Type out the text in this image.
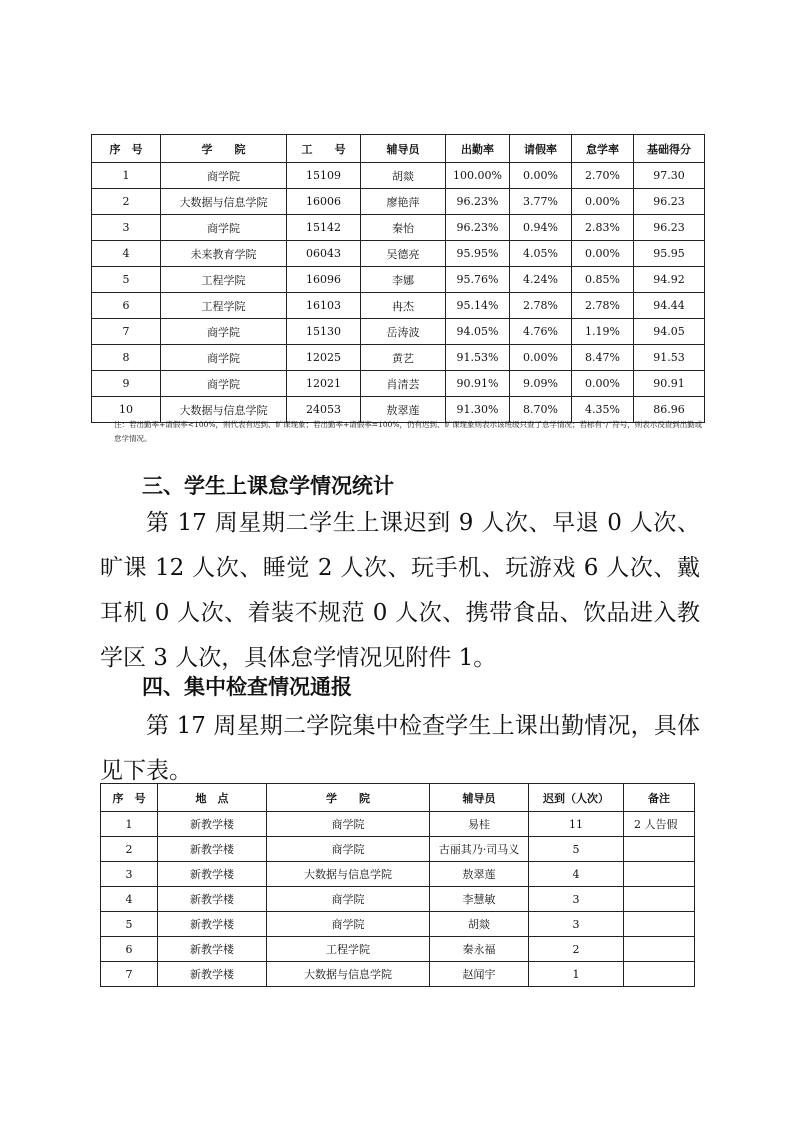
序　号	学　　院	工　　号	辅导员	出勤率	请假率	怠学率	基础得分
1	商学院	15109	胡燚	100.00%	0.00%	2.70%	97.30
2	大数据与信息学院	16006	廖艳萍	96.23%	3.77%	0.00%	96.23
3	商学院	15142	秦怡	96.23%	0.94%	2.83%	96.23
4	未来教育学院	06043	吴德亮	95.95%	4.05%	0.00%	95.95
5	工程学院	16096	李娜	95.76%	4.24%	0.85%	94.92
6	工程学院	16103	冉杰	95.14%	2.78%	2.78%	94.44
7	商学院	15130	岳涛波	94.05%	4.76%	1.19%	94.05
8	商学院	12025	黄艺	91.53%	0.00%	8.47%	91.53
9	商学院	12021	肖清芸	90.91%	9.09%	0.00%	90.91
10	大数据与信息学院	24053	敖翠莲	91.30%	8.70%	4.35%	86.96
注：若出勤率+请假率<100%，则代表有迟到、旷课现象；若出勤率+请假率=100%，仍有迟到、旷课现象则表示该班级只查了怠学情况；若标有“/”符号，则表示没查到出勤或怠学情况。
三、学生上课怠学情况统计

第 17 周星期二学生上课迟到 9 人次、早退 0 人次、旷课 12 人次、睡觉 2 人次、玩手机、玩游戏 6 人次、戴耳机 0 人次、着装不规范 0 人次、携带食品、饮品进入教学区 3 人次，具体怠学情况见附件 1。

四、集中检查情况通报

第 17 周星期二学院集中检查学生上课出勤情况，具体见下表。

序　号	地　点	学　　院	辅导员	迟到（人次）	备注
1	新教学楼	商学院	易桂	11	2 人告假
2	新教学楼	商学院	古丽其乃·司马义	5	
3	新教学楼	大数据与信息学院	敖翠莲	4	
4	新教学楼	商学院	李慧敏	3	
5	新教学楼	商学院	胡燚	3	
6	新教学楼	工程学院	秦永福	2	
7	新教学楼	大数据与信息学院	赵闻宇	1	
